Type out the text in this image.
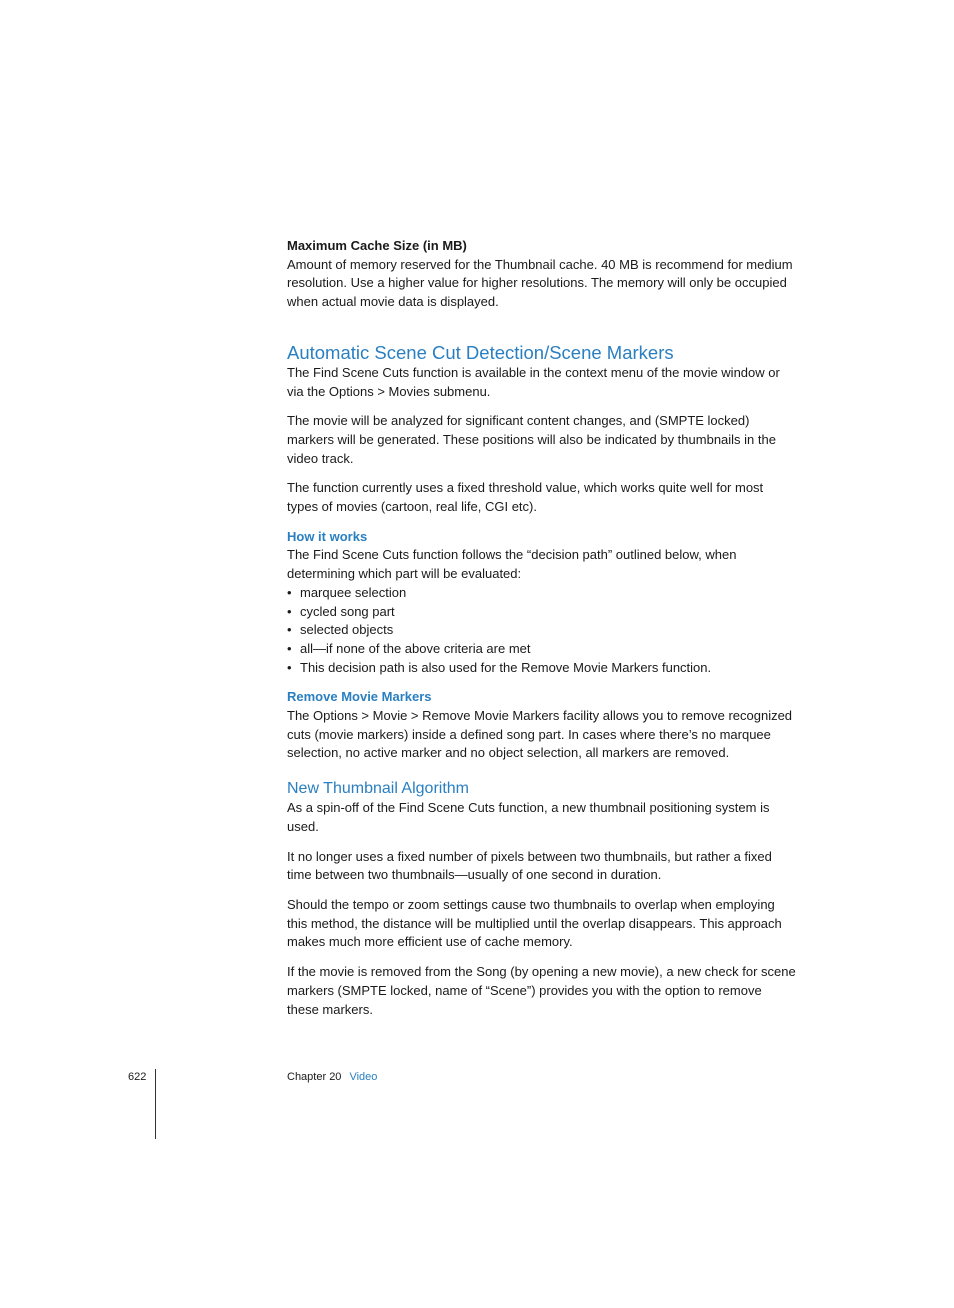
Maximum Cache Size (in MB)

Amount of memory reserved for the Thumbnail cache. 40 MB is recommend for medium resolution. Use a higher value for higher resolutions. The memory will only be occupied when actual movie data is displayed.

Automatic Scene Cut Detection/Scene Markers

The Find Scene Cuts function is available in the context menu of the movie window or via the Options > Movies submenu.

The movie will be analyzed for significant content changes, and (SMPTE locked) markers will be generated. These positions will also be indicated by thumbnails in the video track.

The function currently uses a fixed threshold value, which works quite well for most types of movies (cartoon, real life, CGI etc).

How it works

The Find Scene Cuts function follows the “decision path” outlined below, when determining which part will be evaluated:

• marquee selection
• cycled song part
• selected objects
• all—if none of the above criteria are met
• This decision path is also used for the Remove Movie Markers function.
Remove Movie Markers

The Options > Movie > Remove Movie Markers facility allows you to remove recognized cuts (movie markers) inside a defined song part. In cases where there’s no marquee selection, no active marker and no object selection, all markers are removed.

New Thumbnail Algorithm

As a spin-off of the Find Scene Cuts function, a new thumbnail positioning system is used.

It no longer uses a fixed number of pixels between two thumbnails, but rather a fixed time between two thumbnails—usually of one second in duration.

Should the tempo or zoom settings cause two thumbnails to overlap when employing this method, the distance will be multiplied until the overlap disappears. This approach makes much more efficient use of cache memory.

If the movie is removed from the Song (by opening a new movie), a new check for scene markers (SMPTE locked, name of “Scene”) provides you with the option to remove these markers.

622	Chapter 20 Video
